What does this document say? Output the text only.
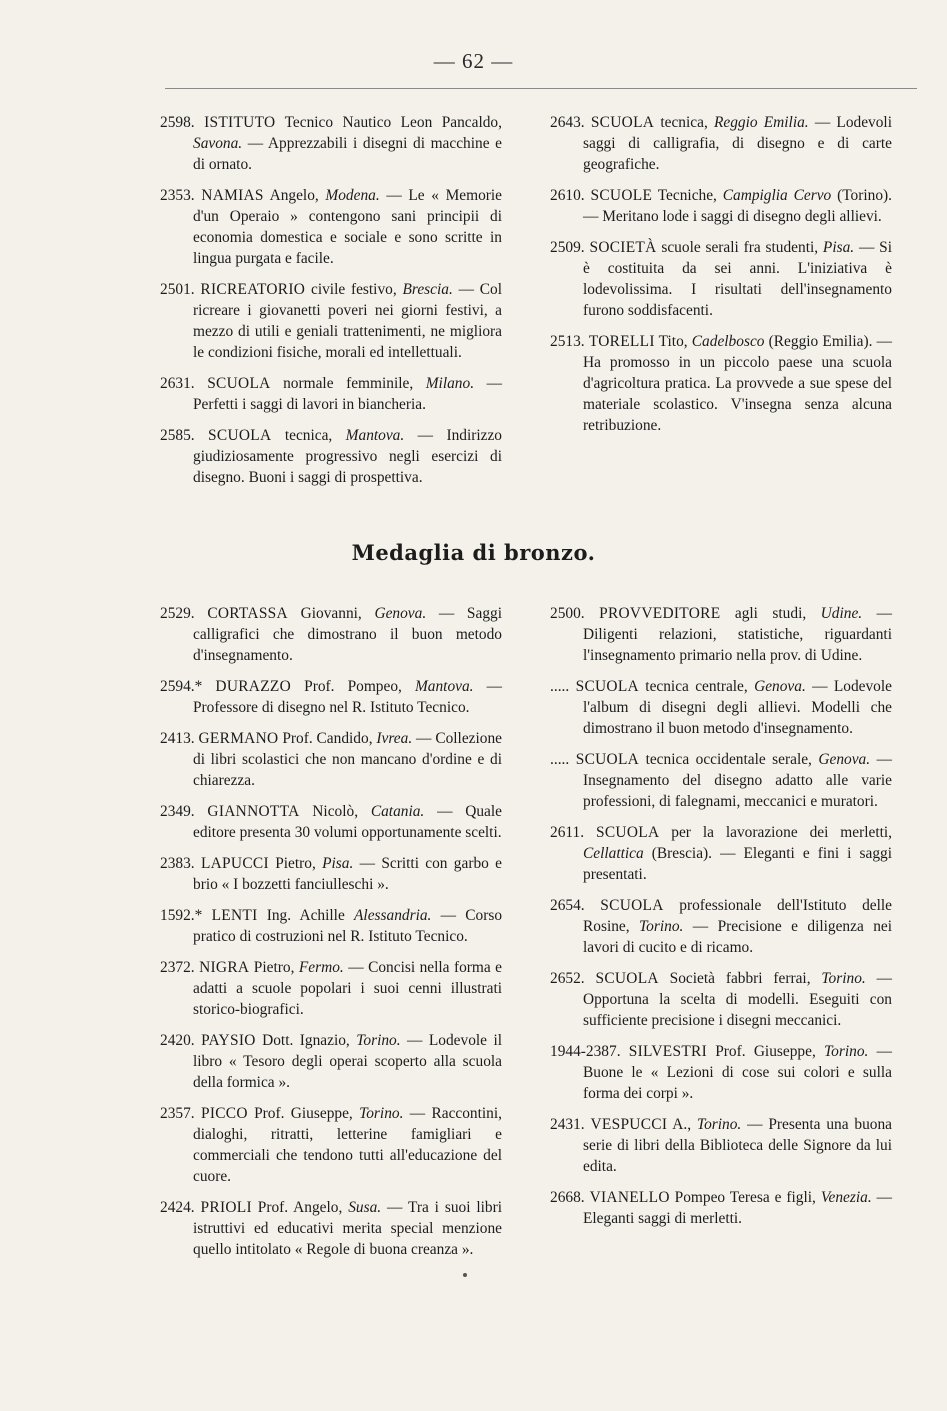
— 62 —

2598. ISTITUTO Tecnico Nautico Leon Pancaldo, Savona. — Apprezzabili i disegni di macchine e di ornato.

2353. NAMIAS Angelo, Modena. — Le « Memorie d'un Operaio » contengono sani principii di economia domestica e sociale e sono scritte in lingua purgata e facile.

2501. RICREATORIO civile festivo, Brescia. — Col ricreare i giovanetti poveri nei giorni festivi, a mezzo di utili e geniali trattenimenti, ne migliora le condizioni fisiche, morali ed intellettuali.

2631. SCUOLA normale femminile, Milano. — Perfetti i saggi di lavori in biancheria.

2585. SCUOLA tecnica, Mantova. — Indirizzo giudiziosamente progressivo negli esercizi di disegno. Buoni i saggi di prospettiva.

2643. SCUOLA tecnica, Reggio Emilia. — Lodevoli saggi di calligrafia, di disegno e di carte geografiche.

2610. SCUOLE Tecniche, Campiglia Cervo (Torino). — Meritano lode i saggi di disegno degli allievi.

2509. SOCIETÀ scuole serali fra studenti, Pisa. — Si è costituita da sei anni. L'iniziativa è lodevolissima. I risultati dell'insegnamento furono soddisfacenti.

2513. TORELLI Tito, Cadelbosco (Reggio Emilia). — Ha promosso in un piccolo paese una scuola d'agricoltura pratica. La provvede a sue spese del materiale scolastico. V'insegna senza alcuna retribuzione.

Medaglia di bronzo.

2529. CORTASSA Giovanni, Genova. — Saggi calligrafici che dimostrano il buon metodo d'insegnamento.

2594.* DURAZZO Prof. Pompeo, Mantova. — Professore di disegno nel R. Istituto Tecnico.

2413. GERMANO Prof. Candido, Ivrea. — Collezione di libri scolastici che non mancano d'ordine e di chiarezza.

2349. GIANNOTTA Nicolò, Catania. — Quale editore presenta 30 volumi opportunamente scelti.

2383. LAPUCCI Pietro, Pisa. — Scritti con garbo e brio « I bozzetti fanciulleschi ».

1592.* LENTI Ing. Achille Alessandria. — Corso pratico di costruzioni nel R. Istituto Tecnico.

2372. NIGRA Pietro, Fermo. — Concisi nella forma e adatti a scuole popolari i suoi cenni illustrati storico-biografici.

2420. PAYSIO Dott. Ignazio, Torino. — Lodevole il libro « Tesoro degli operai scoperto alla scuola della formica ».

2357. PICCO Prof. Giuseppe, Torino. — Raccontini, dialoghi, ritratti, letterine famigliari e commerciali che tendono tutti all'educazione del cuore.

2424. PRIOLI Prof. Angelo, Susa. — Tra i suoi libri istruttivi ed educativi merita special menzione quello intitolato « Regole di buona creanza ».

2500. PROVVEDITORE agli studi, Udine. — Diligenti relazioni, statistiche, riguardanti l'insegnamento primario nella prov. di Udine.

..... SCUOLA tecnica centrale, Genova. — Lodevole l'album di disegni degli allievi. Modelli che dimostrano il buon metodo d'insegnamento.

..... SCUOLA tecnica occidentale serale, Genova. — Insegnamento del disegno adatto alle varie professioni, di falegnami, meccanici e muratori.

2611. SCUOLA per la lavorazione dei merletti, Cellattica (Brescia). — Eleganti e fini i saggi presentati.

2654. SCUOLA professionale dell'Istituto delle Rosine, Torino. — Precisione e diligenza nei lavori di cucito e di ricamo.

2652. SCUOLA Società fabbri ferrai, Torino. — Opportuna la scelta di modelli. Eseguiti con sufficiente precisione i disegni meccanici.

1944-2387. SILVESTRI Prof. Giuseppe, Torino. — Buone le « Lezioni di cose sui colori e sulla forma dei corpi ».

2431. VESPUCCI A., Torino. — Presenta una buona serie di libri della Biblioteca delle Signore da lui edita.

2668. VIANELLO Pompeo Teresa e figli, Venezia. — Eleganti saggi di merletti.
